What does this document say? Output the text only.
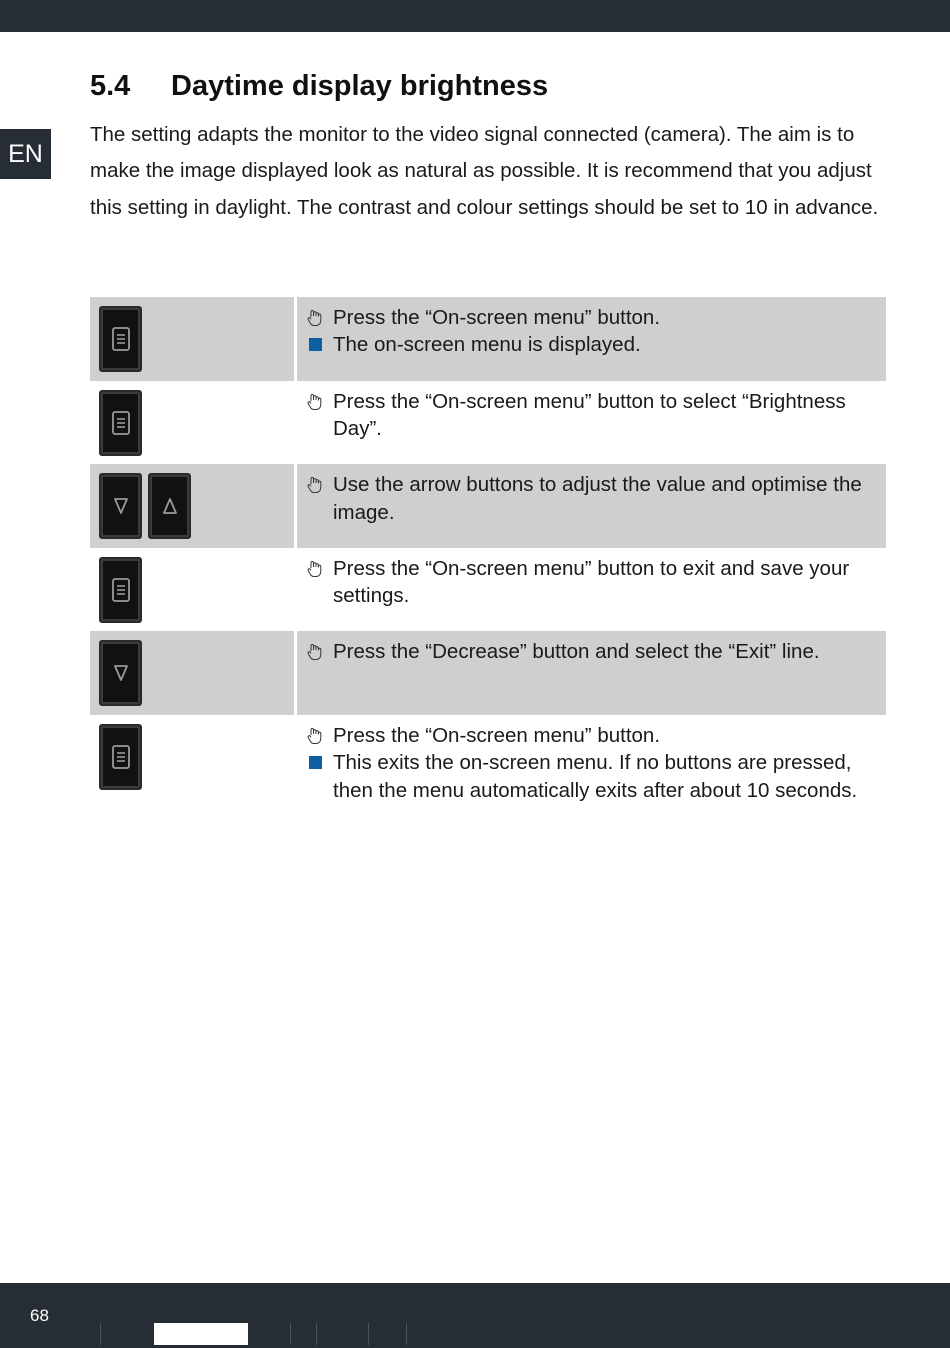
EN
5.4	Daytime display brightness

The setting adapts the monitor to the video signal connected (camera). The aim is to make the image displayed look as natural as possible. It is recommend that you adjust this setting in daylight. The contrast and colour settings should be set to 10 in advance.

Press the “On-screen menu” button.
The on-screen menu is displayed.
Press the “On-screen menu” button to select “Brightness Day”.
Use the arrow buttons to adjust the value and optimise the image.
Press the “On-screen menu” button to exit and save your settings.
Press the “Decrease” button and select the “Exit” line.
Press the “On-screen menu” button.
This exits the on-screen menu. If no buttons are pressed, then the menu automatically exits after about 10 seconds.
68
